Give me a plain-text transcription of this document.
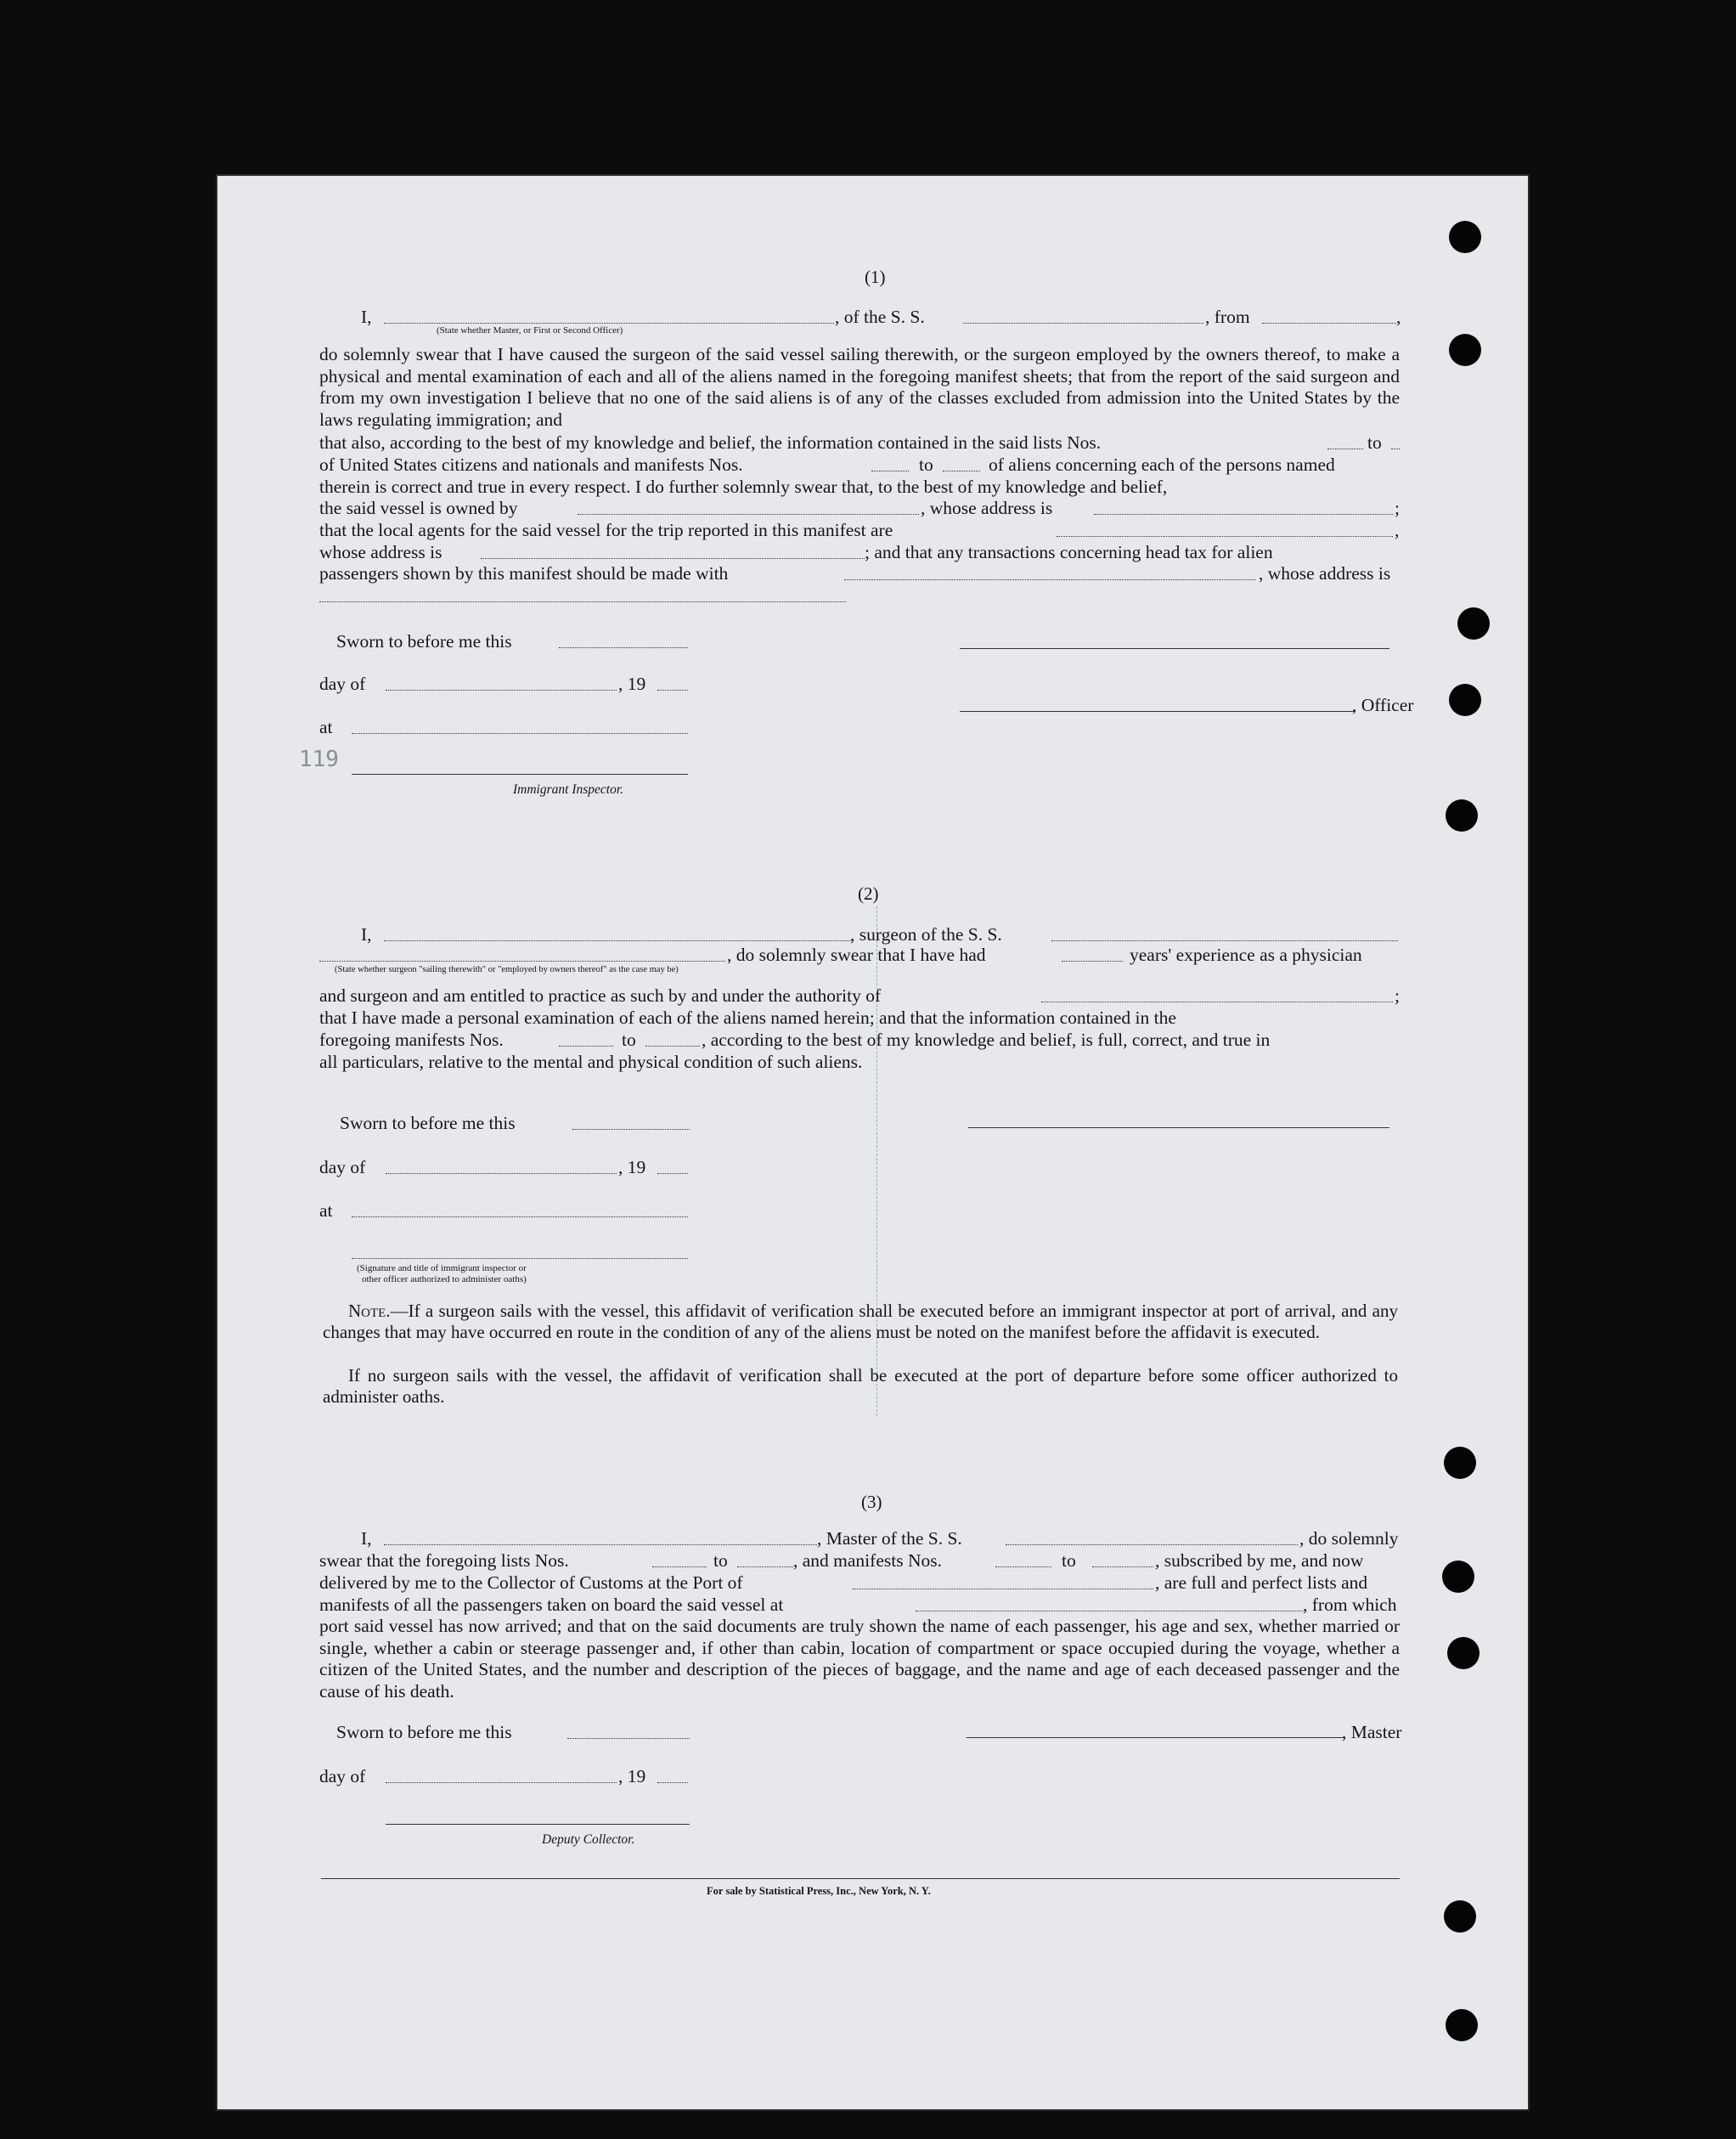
(1)
I,	, of the S. S.	, from	,
(State whether Master, or First or Second Officer)
do solemnly swear that I have caused the surgeon of the said vessel sailing therewith, or the surgeon employed by the owners thereof, to make a physical and mental examination of each and all of the aliens named in the foregoing manifest sheets; that from the report of the said surgeon and from my own investigation I believe that no one of the said aliens is of any of the classes excluded from admission into the United States by the laws regulating immigration; and
that also, according to the best of my knowledge and belief, the information contained in the said lists Nos.	to
of United States citizens and nationals and manifests Nos.	to	of aliens concerning each of the persons named
therein is correct and true in every respect. I do further solemnly swear that, to the best of my knowledge and belief,
the said vessel is owned by	, whose address is	;
that the local agents for the said vessel for the trip reported in this manifest are	,
whose address is	; and that any transactions concerning head tax for alien
passengers shown by this manifest should be made with	, whose address is
Sworn to before me this
day of	, 19
, Officer
at
119
Immigrant Inspector.
(2)
I,	, surgeon of the S. S.
, do solemnly swear that I have had	years' experience as a physician
(State whether surgeon "sailing therewith" or "employed by owners thereof" as the case may be)
and surgeon and am entitled to practice as such by and under the authority of	;
that I have made a personal examination of each of the aliens named herein; and that the information contained in the
foregoing manifests Nos.	to	, according to the best of my knowledge and belief, is full, correct, and true in
all particulars, relative to the mental and physical condition of such aliens.
Sworn to before me this
day of	, 19
at
(Signature and title of immigrant inspector or
other officer authorized to administer oaths)
Note.—If a surgeon sails with the vessel, this affidavit of verification shall be executed before an immigrant inspector at port of arrival, and any changes that may have occurred en route in the condition of any of the aliens must be noted on the manifest before the affidavit is executed.
If no surgeon sails with the vessel, the affidavit of verification shall be executed at the port of departure before some officer authorized to administer oaths.
(3)
I,	, Master of the S. S.	, do solemnly
swear that the foregoing lists Nos.	to	, and manifests Nos.	to	, subscribed by me, and now
delivered by me to the Collector of Customs at the Port of	, are full and perfect lists and
manifests of all the passengers taken on board the said vessel at	, from which
port said vessel has now arrived; and that on the said documents are truly shown the name of each passenger, his age and sex, whether married or single, whether a cabin or steerage passenger and, if other than cabin, location of compartment or space occupied during the voyage, whether a citizen of the United States, and the number and description of the pieces of baggage, and the name and age of each deceased passenger and the cause of his death.
Sworn to before me this	, Master
day of	, 19
Deputy Collector.
For sale by Statistical Press, Inc., New York, N. Y.
